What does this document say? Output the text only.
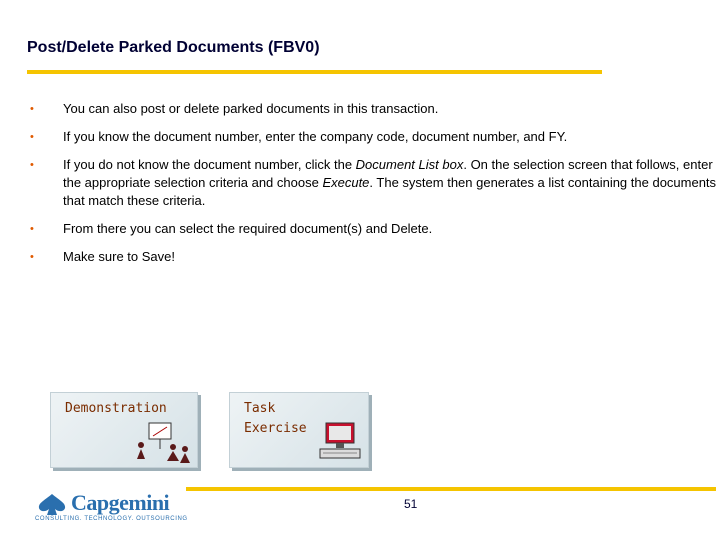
Post/Delete Parked Documents (FBV0)
• You can also post or delete parked documents in this transaction.
• If you know the document number, enter the company code, document number, and FY.
• If you do not know the document number, click the Document List box. On the selection screen that follows, enter the appropriate selection criteria and choose Execute. The system then generates a list containing the documents that match these criteria.
• From there you can select the required document(s) and Delete.
• Make sure to Save!
Demonstration	Task
Exercise
Capgemini
CONSULTING. TECHNOLOGY. OUTSOURCING
51
